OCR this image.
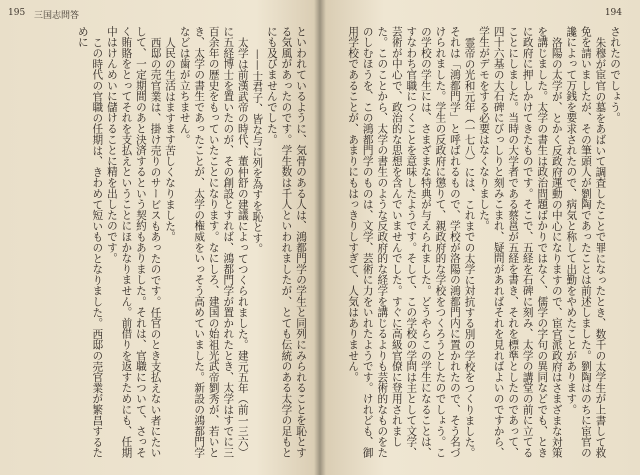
195 三国志問答

といわれているように、気骨のある人は、鴻都門学の学生と同列にみられることを恥とする気風があったのです。学生数は千人といわれましたが、とても伝統のある太学の足もとにも及びませんでした。

——士君子、皆な与に列を為すを恥とす。

太学は前漢武帝の時代、董仲舒の建議によってつくられました。建元五年（前一三六）に五経博士を置いたのが、その創設とすれば、鴻都門学が置かれたとき、太学はすでに三百余年の歴史をもっていたことになります。なにしろ、建国の始祖光武帝劉秀が、若いとき、太学の書生であったことが、太学の権威をいっそう高めていました。新設の鴻都門学などは歯が立ちません。

人民の生活はますます苦しくなりました。

西邸の売官業は、掛け売りのサービスもあったのです。任官のとき支払えない者にたいして、一定期間のあと決済するという契約もありました。それは、官職について、さっそく賄賂をとってそれを支払えということにほかなりません。前借りを返すためにも、任期中はけんめいに儲けることに精を出したのです。

この時代の官職の任期は、きわめて短いものとなりました。西邸の売官業が繁昌するために

194

されたのでしょう。

朱穆が宦官の墓をあばいて調査したことで罪になったとき、数千の太学生が上書して救免を請いましたが、その筆頭人が劉陶であったことは前述しました。劉陶はのちに宦官の讒によって万銭を要求されたので、病気と称して出勤をやめたことがあります。

洛陽の太学が、とかく反政府運動の中心になりますので、宦官派政府はさまざまな対策を講じました。太学の書生は政治問題ばかりではなく、儒学の字句の異同などでも、ときに政府に押しかけてきたものです。そこで、五経を石碑に刻み、太学の講堂の前に立てることにしました。当時の大学者である蔡邕が五経を書き、それを標準としたのであって、四十六基の大石碑にびっしりと刻みこまれ、疑問があればそれを見ればよいのですから、学生がデモをする必要はなくなりました。

霊帝の光和元年（一七八）には、これまでの太学に対抗する別の学校をつくりました。それは「鴻都門学」と呼ばれるもので、学校が洛陽の鴻都門内に置かれたので、そう名づけられました。学生の反政府に懲りて、親政府的な学校をつくろうとしたのでしょう。この学校の学生には、さまざまな特典が与えられました。どうやらこの学生になることは、すなわち官職につくことを意味したようです。そして、この学校の学問は主として文学、芸術が中心で、政治的な思想を含んでいませんでした。すぐに高級官僚に登用されました。このことから、太学の書生のような反政府的な経学を講じるよりも芸術的なものをたのしむほうを、この鴻都門学のものは、文学、芸術に力をいれたようです。けれども、御用学校であることが、あまりにもはっきりしすぎて、人気はありません。
